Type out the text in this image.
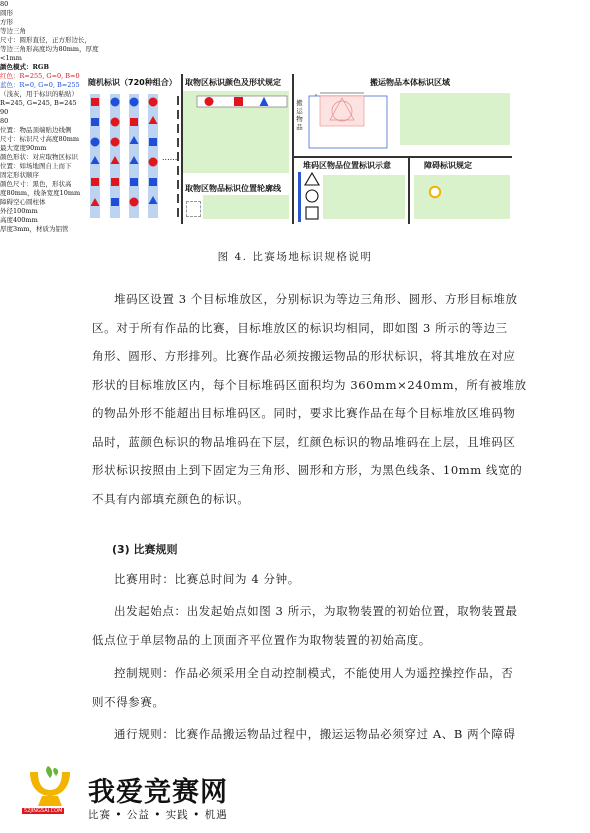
随机标识（720种组合）
......
取物区标识颜色及形状规定
80
圆形
方形
等边三角
尺寸：圆形直径，正方形边长，
等边三角形高度均为80mm，厚度
<1mm
颜色模式：RGB
红色：R=255, G=0, B=0
蓝色：R=0, G=0, B=255
取物区物品标识位置轮廓线
（浅灰，用于标识的粘贴）
R=245, G=245, B=245
搬运物品本体标识区域
90
80
搬运物品
位置：物品顶端贴边线侧
尺寸：标识尺寸高度80mm
最大宽度90mm
颜色形状：对应取物区标识
堆码区物品位置标识示意
位置：如场地图自上而下
固定形状顺序
颜色尺寸：黑色，形状高
度80mm，线条宽度10mm
障碍标识规定
障碍空心圆柱体
外径100mm
高度400mm
厚度3mm，材质为铝管
图 4. 比赛场地标识规格说明
堆码区设置 3 个目标堆放区，分别标识为等边三角形、圆形、方形目标堆放
区。对于所有作品的比赛，目标堆放区的标识均相同，即如图 3 所示的等边三
角形、圆形、方形排列。比赛作品必须按搬运物品的形状标识，将其堆放在对应
形状的目标堆放区内，每个目标堆码区面积均为 360mm×240mm，所有被堆放
的物品外形不能超出目标堆码区。同时，要求比赛作品在每个目标堆放区堆码物
品时，蓝颜色标识的物品堆码在下层，红颜色标识的物品堆码在上层，且堆码区
形状标识按照由上到下固定为三角形、圆形和方形，为黑色线条、10mm 线宽的
不具有内部填充颜色的标识。
(3) 比赛规则
比赛用时：比赛总时间为 4 分钟。
出发起始点：出发起始点如图 3 所示，为取物装置的初始位置，取物装置最
低点位于单层物品的上顶面齐平位置作为取物装置的初始高度。
控制规则：作品必须采用全自动控制模式，不能使用人为遥控操控作品，否
则不得参赛。
通行规则：比赛作品搬运物品过程中，搬运运物品必须穿过 A、B 两个障碍
52JINGSAI.COM
我爱竞赛网
比赛 • 公益 • 实践 • 机遇
